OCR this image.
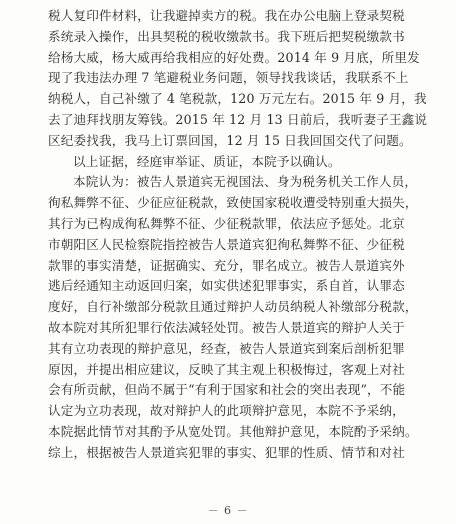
税人复印件材料，让我避掉卖方的税。我在办公电脑上登录契税
系统录入操作，出具契税的税收缴款书。我下班后把契税缴款书
给杨大威，杨大威再给我相应的好处费。2014 年 9 月底，所里发
现了我违法办理 7 笔避税业务问题，领导找我谈话，我联系不上
纳税人，自己补缴了 4 笔税款，120 万元左右。2015 年 9 月，我
去了迪拜找朋友筹钱。2015 年 12 月 13 日前后，我听妻子王鑫说
区纪委找我，我马上订票回国，12 月 15 日我回国交代了问题。
以上证据，经庭审举证、质证，本院予以确认。
本院认为：被告人景道宾无视国法、身为税务机关工作人员，
徇私舞弊不征、少征应征税款，致使国家税收遭受特别重大损失，
其行为已构成徇私舞弊不征、少征税款罪，依法应予惩处。北京
市朝阳区人民检察院指控被告人景道宾犯徇私舞弊不征、少征税
款罪的事实清楚，证据确实、充分，罪名成立。被告人景道宾外
逃后经通知主动返回归案，如实供述犯罪事实，系自首，认罪态
度好，自行补缴部分税款且通过辩护人动员纳税人补缴部分税款，
故本院对其所犯罪行依法减轻处罚。被告人景道宾的辩护人关于
其有立功表现的辩护意见，经查，被告人景道宾到案后剖析犯罪
原因，并提出相应建议，反映了其主观上积极悔过，客观上对社
会有所贡献，但尚不属于“有利于国家和社会的突出表现”，不能
认定为立功表现，故对辩护人的此项辩护意见，本院不予采纳，
本院据此情节对其酌予从宽处罚。其他辩护意见，本院酌予采纳。
综上，根据被告人景道宾犯罪的事实、犯罪的性质、情节和对社
－ 6 －
